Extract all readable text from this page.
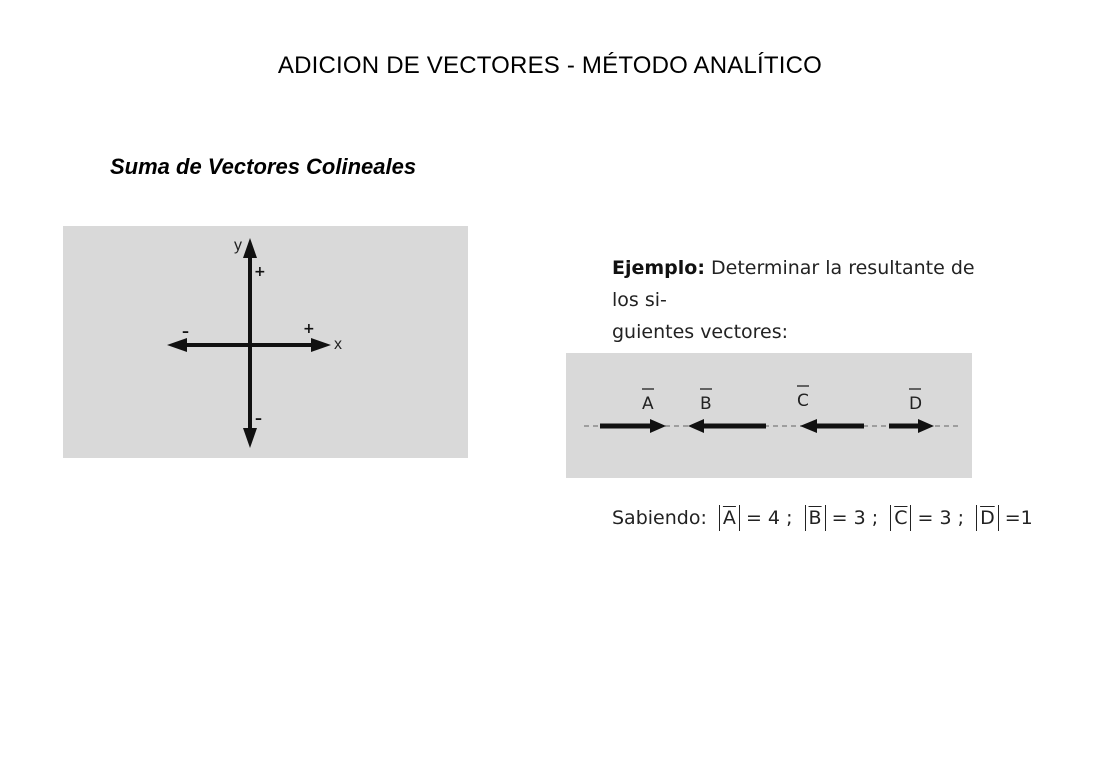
ADICION DE VECTORES - MÉTODO ANALÍTICO
Suma de Vectores Colineales
y
x
+
–
+
–
Ejemplo: Determinar la resultante de los si-
guientes vectores:
A	B	C	D
Sabiendo: $\overline{A} = 4$ ; $\overline{B} = 3$ ; $\overline{C} = 3$ ; $\overline{D} =1$
